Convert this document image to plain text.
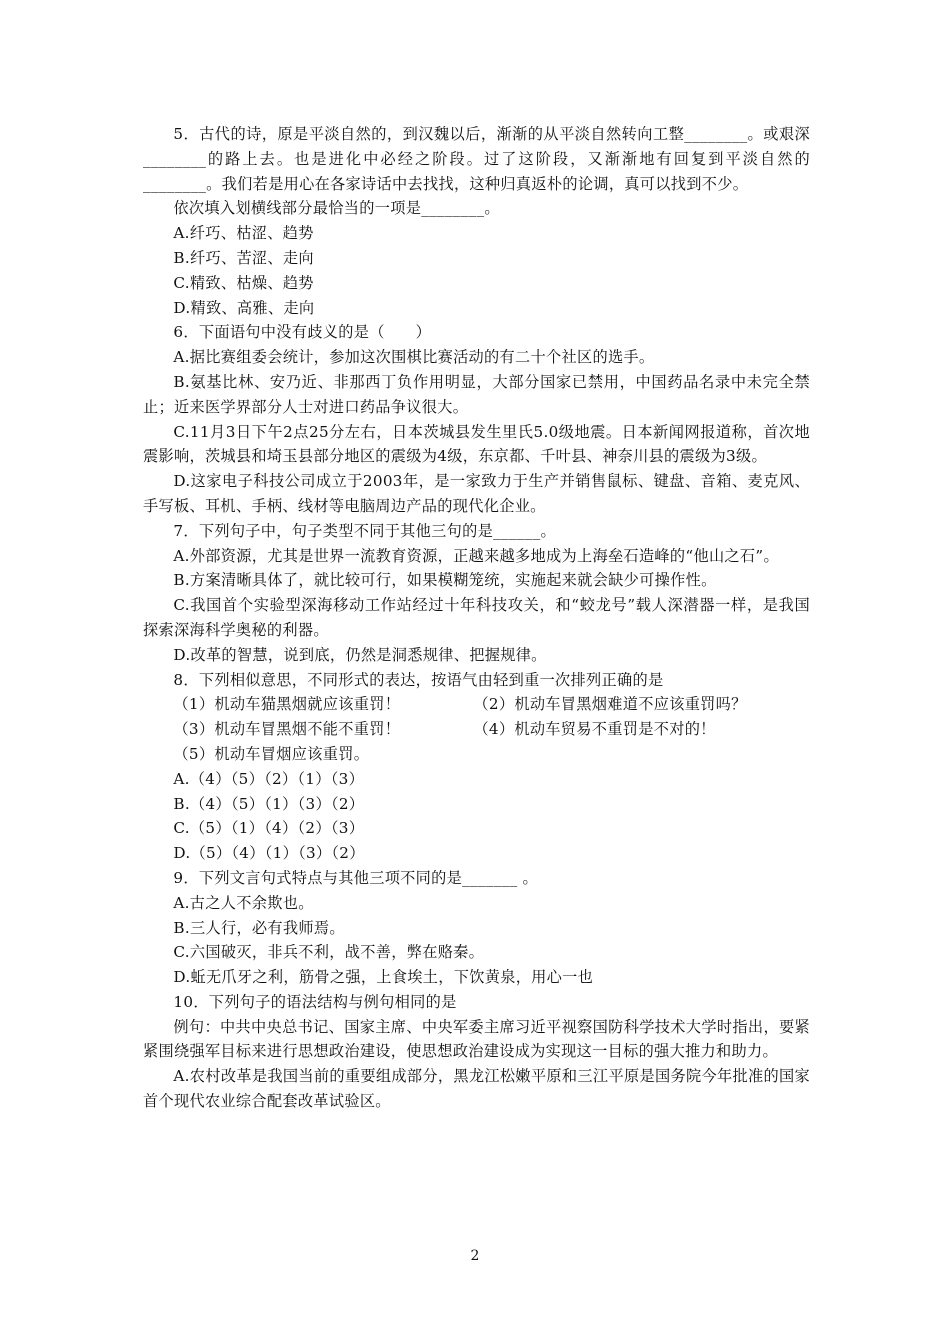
5．古代的诗，原是平淡自然的，到汉魏以后，渐渐的从平淡自然转向工整________。或艰深________的路上去。也是进化中必经之阶段。过了这阶段，又渐渐地有回复到平淡自然的________。我们若是用心在各家诗话中去找找，这种归真返朴的论调，真可以找到不少。

依次填入划横线部分最恰当的一项是________。

A.纤巧、枯涩、趋势

B.纤巧、苦涩、走向

C.精致、枯燥、趋势

D.精致、高雅、走向

6．下面语句中没有歧义的是（　　）

A.据比赛组委会统计，参加这次围棋比赛活动的有二十个社区的选手。

B.氨基比林、安乃近、非那西丁负作用明显，大部分国家已禁用，中国药品名录中未完全禁止；近来医学界部分人士对进口药品争议很大。

C.11月3日下午2点25分左右，日本茨城县发生里氏5.0级地震。日本新闻网报道称，首次地震影响，茨城县和埼玉县部分地区的震级为4级，东京都、千叶县、神奈川县的震级为3级。

D.这家电子科技公司成立于2003年，是一家致力于生产并销售鼠标、键盘、音箱、麦克风、手写板、耳机、手柄、线材等电脑周边产品的现代化企业。

7．下列句子中，句子类型不同于其他三句的是______。

A.外部资源，尤其是世界一流教育资源，正越来越多地成为上海垒石造峰的“他山之石”。

B.方案清晰具体了，就比较可行，如果模糊笼统，实施起来就会缺少可操作性。

C.我国首个实验型深海移动工作站经过十年科技攻关，和“蛟龙号”载人深潜器一样，是我国探索深海科学奥秘的利器。

D.改革的智慧，说到底，仍然是洞悉规律、把握规律。

8．下列相似意思，不同形式的表达，按语气由轻到重一次排列正确的是

（1）机动车猫黑烟就应该重罚！	（2）机动车冒黑烟难道不应该重罚吗？
（3）机动车冒黑烟不能不重罚！	（4）机动车贸易不重罚是不对的！
（5）机动车冒烟应该重罚。

A.（4）（5）（2）（1）（3）

B.（4）（5）（1）（3）（2）

C.（5）（1）（4）（2）（3）

D.（5）（4）（1）（3）（2）

9．下列文言句式特点与其他三项不同的是_______ 。

A.古之人不余欺也。

B.三人行，必有我师焉。

C.六国破灭，非兵不利，战不善，弊在赂秦。

D.蚯无爪牙之利，筋骨之强，上食埃土，下饮黄泉，用心一也

10．下列句子的语法结构与例句相同的是

例句：中共中央总书记、国家主席、中央军委主席习近平视察国防科学技术大学时指出，要紧紧围绕强军目标来进行思想政治建设，使思想政治建设成为实现这一目标的强大推力和助力。

A.农村改革是我国当前的重要组成部分，黑龙江松嫩平原和三江平原是国务院今年批准的国家首个现代农业综合配套改革试验区。

2
